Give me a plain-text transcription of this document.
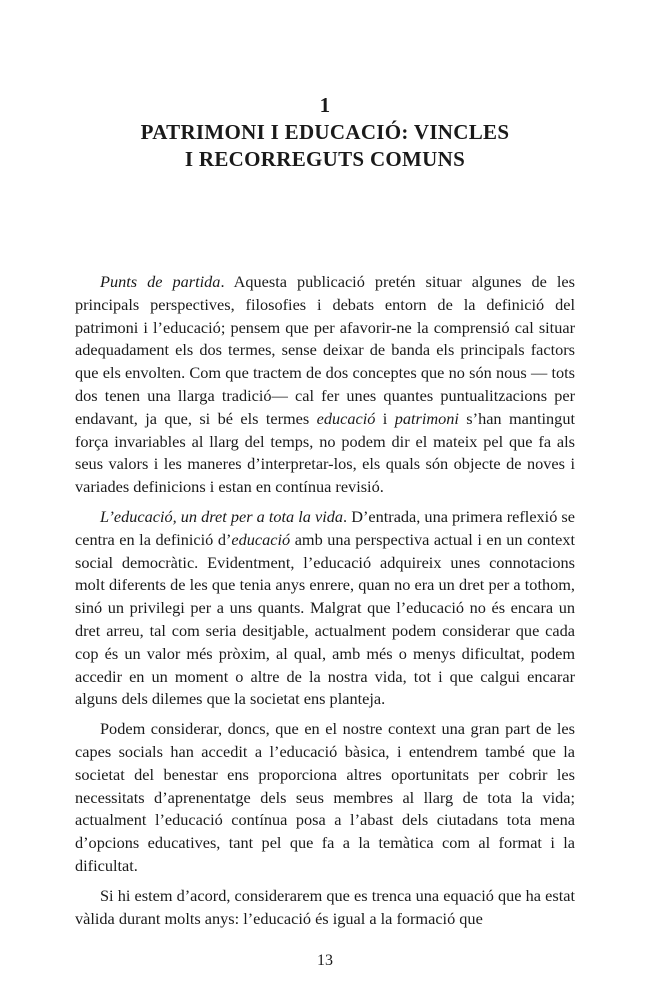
1
PATRIMONI I EDUCACIÓ: VINCLES
I RECORREGUTS COMUNS

Punts de partida. Aquesta publicació pretén situar algunes de les principals perspectives, filosofies i debats entorn de la definició del patrimoni i l’educació; pensem que per afavorir-ne la comprensió cal situar adequadament els dos termes, sense deixar de banda els principals factors que els envolten. Com que tractem de dos conceptes que no són nous — tots dos tenen una llarga tradició— cal fer unes quantes puntualitzacions per endavant, ja que, si bé els termes educació i patrimoni s’han mantingut força invariables al llarg del temps, no podem dir el mateix pel que fa als seus valors i les maneres d’interpretar-los, els quals són objecte de noves i variades definicions i estan en contínua revisió.

L’educació, un dret per a tota la vida. D’entrada, una primera reflexió se centra en la definició d’educació amb una perspectiva actual i en un context social democràtic. Evidentment, l’educació adquireix unes connotacions molt diferents de les que tenia anys enrere, quan no era un dret per a tothom, sinó un privilegi per a uns quants. Malgrat que l’educació no és encara un dret arreu, tal com seria desitjable, actualment podem considerar que cada cop és un valor més pròxim, al qual, amb més o menys dificultat, podem accedir en un moment o altre de la nostra vida, tot i que calgui encarar alguns dels dilemes que la societat ens planteja.

Podem considerar, doncs, que en el nostre context una gran part de les capes socials han accedit a l’educació bàsica, i entendrem també que la societat del benestar ens proporciona altres oportunitats per cobrir les necessitats d’aprenentatge dels seus membres al llarg de tota la vida; actualment l’educació contínua posa a l’abast dels ciutadans tota mena d’opcions educatives, tant pel que fa a la temàtica com al format i la dificultat.

Si hi estem d’acord, considerarem que es trenca una equació que ha estat vàlida durant molts anys: l’educació és igual a la formació que

13
